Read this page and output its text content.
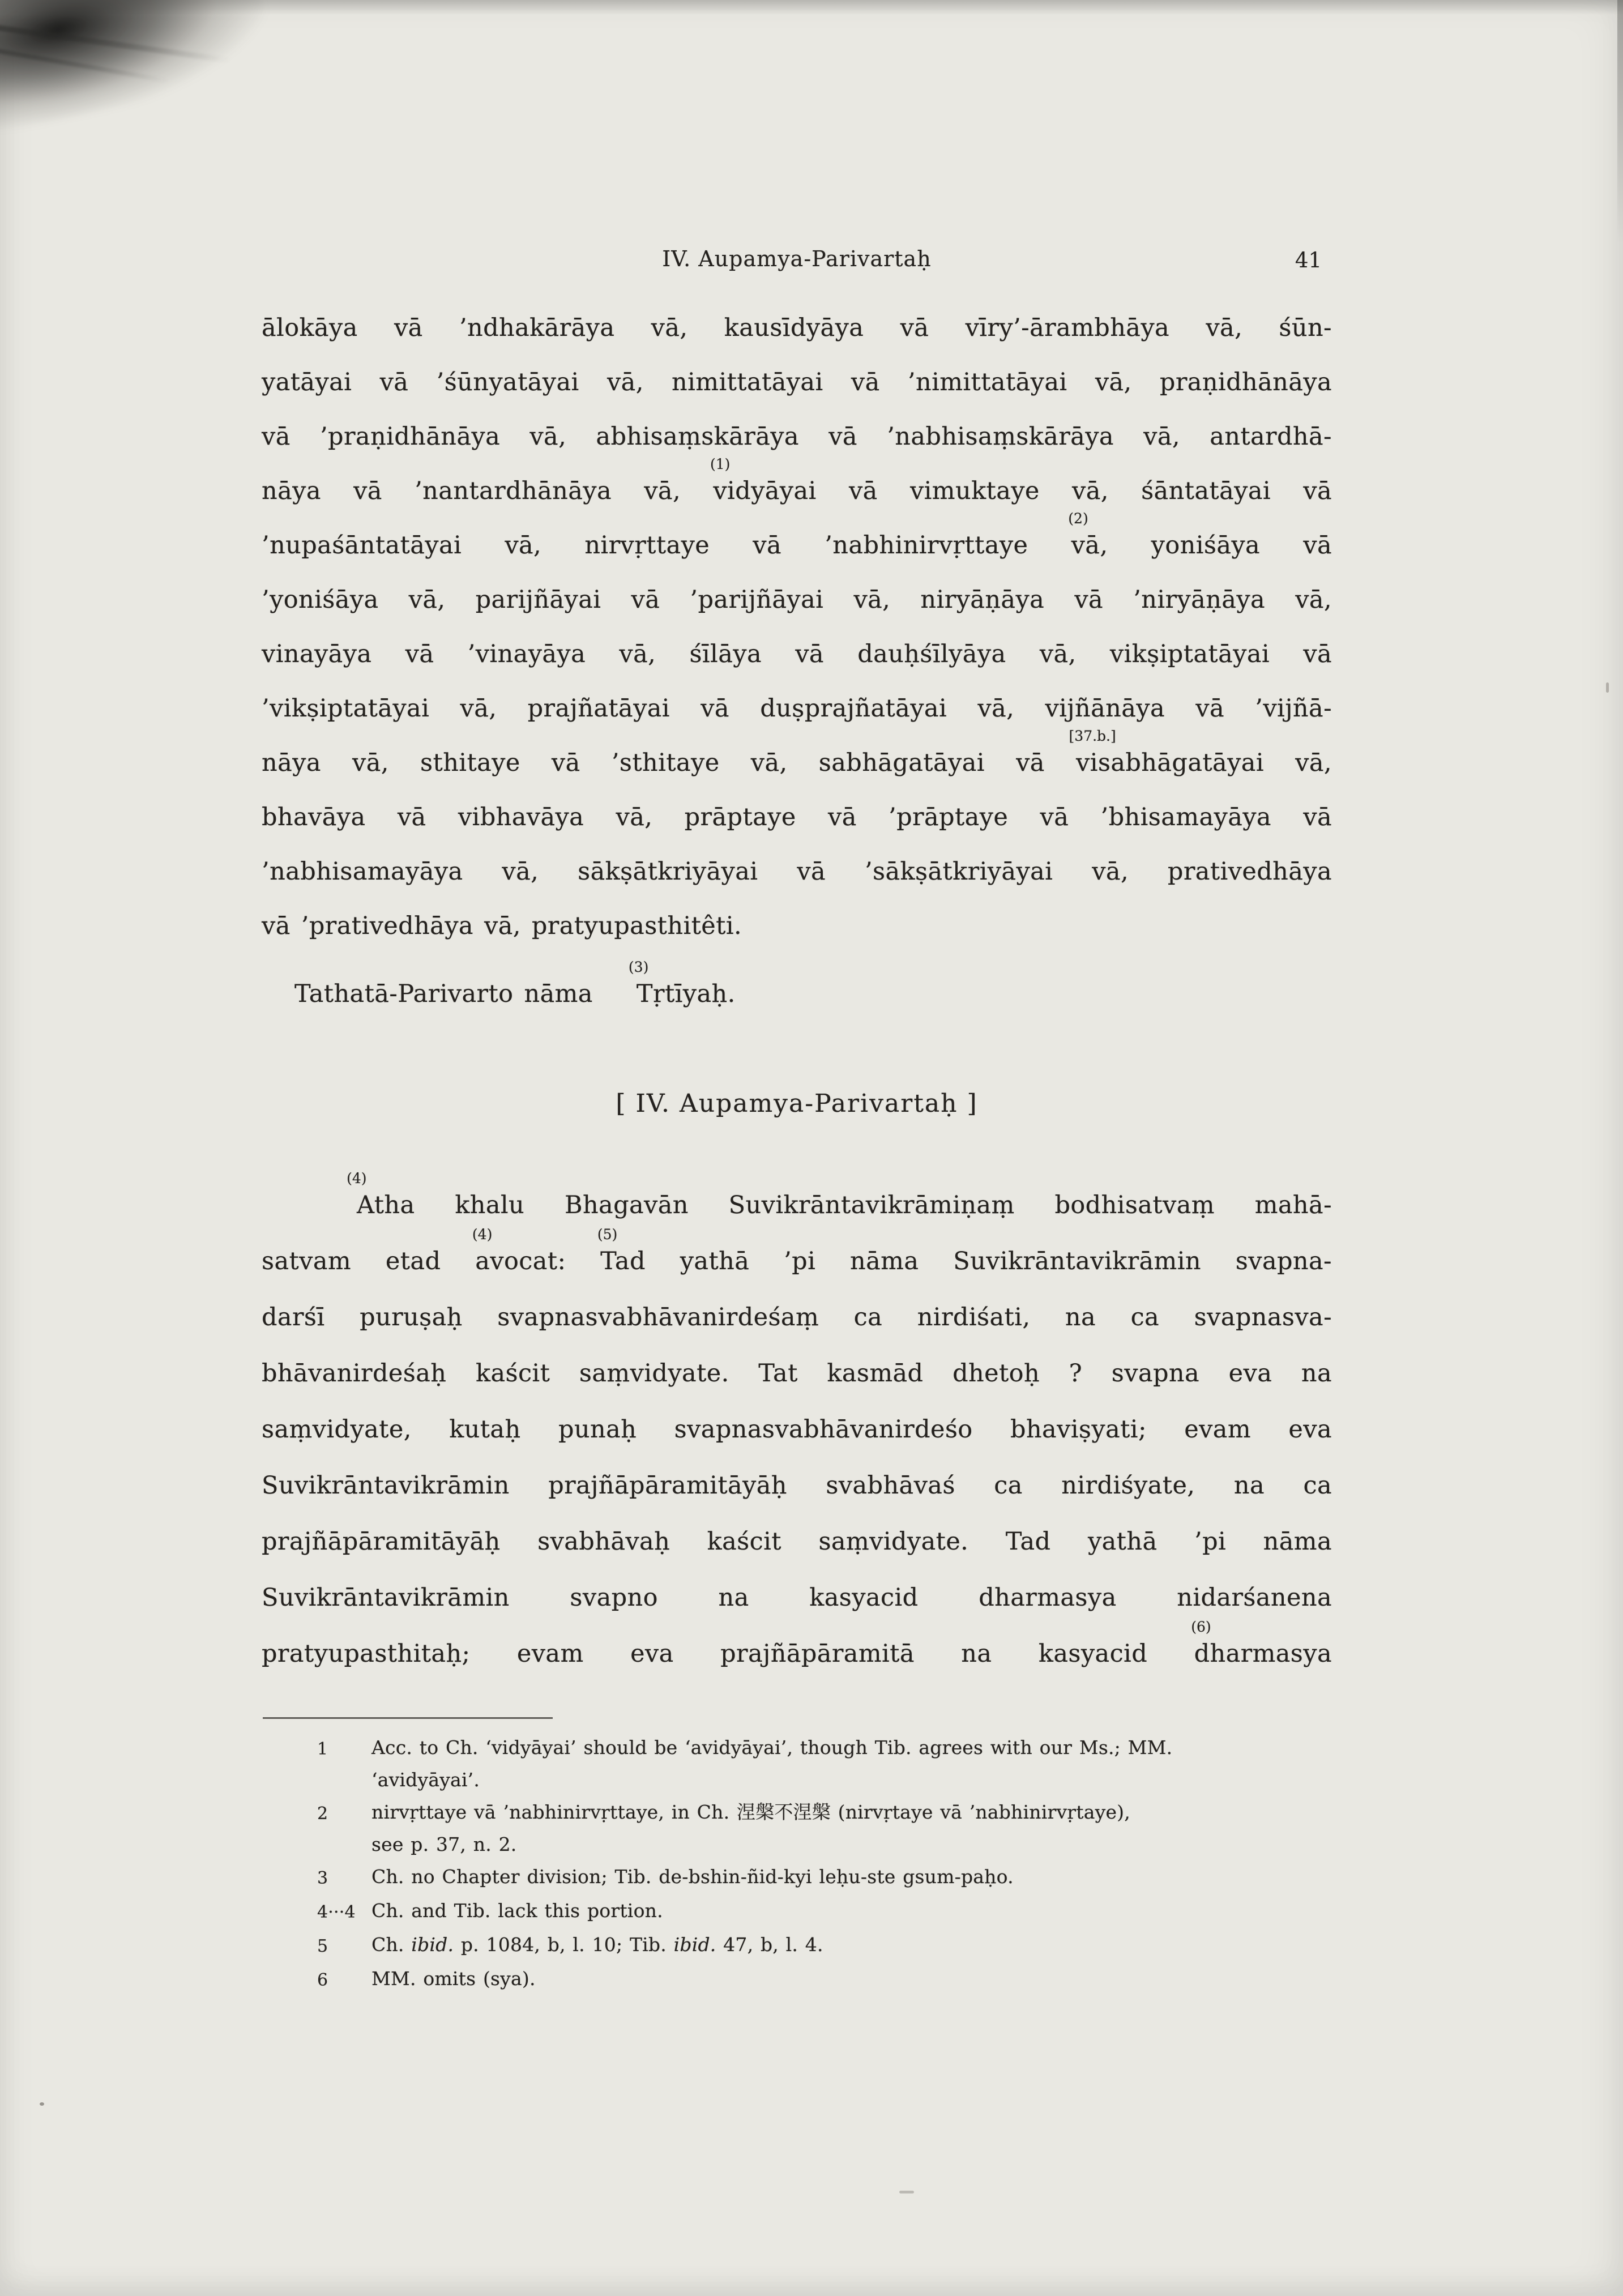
IV. Aupamya-Parivartaḥ	41
ālokāya vā ’ndhakārāya vā, kausīdyāya vā vīry’-ārambhāya vā, śūn-
yatāyai vā ’śūnyatāyai vā, nimittatāyai vā ’nimittatāyai vā, praṇidhānāya
vā ’praṇidhānāya vā, abhisaṃskārāya vā ’nabhisaṃskārāya vā, antardhā-
nāya vā ’nantardhānāya vā,
(1)
vidyāyai vā vimuktaye vā, śāntatāyai vā
’nupaśāntatāyai vā, nirvṛttaye vā ’nabhinirvṛttaye
(2)
vā, yoniśāya vā
’yoniśāya vā, parijñāyai vā ’parijñāyai vā, niryāṇāya vā ’niryāṇāya vā,
vinayāya vā ’vinayāya vā, śīlāya vā dauḥśīlyāya vā, vikṣiptatāyai vā
’vikṣiptatāyai vā, prajñatāyai vā duṣprajñatāyai vā, vijñānāya vā ’vijñā-
nāya vā, sthitaye vā ’sthitaye vā, sabhāgatāyai vā
[37.b.]
visabhāgatāyai vā,
bhavāya vā vibhavāya vā, prāptaye vā ’prāptaye vā ’bhisamayāya vā
’nabhisamayāya vā, sākṣātkriyāyai vā ’sākṣātkriyāyai vā, prativedhāya
vā ’prativedhāya vā, pratyupasthitêti.
Tathatā-Parivarto nāma
(3)
Tṛtīyaḥ.
[ IV. Aupamya-Parivartaḥ ]
(4)
Atha khalu Bhagavān Suvikrāntavikrāmiṇaṃ bodhisatvaṃ mahā-
satvam etad
(4)
avocat:
(5)
Tad yathā ’pi nāma Suvikrāntavikrāmin svapna-
darśī puruṣaḥ svapnasvabhāvanirdeśaṃ ca nirdiśati, na ca svapnasva-
bhāvanirdeśaḥ kaścit saṃvidyate. Tat kasmād dhetoḥ ? svapna eva na
saṃvidyate, kutaḥ punaḥ svapnasvabhāvanirdeśo bhaviṣyati; evam eva
Suvikrāntavikrāmin prajñāpāramitāyāḥ svabhāvaś ca nirdiśyate, na ca
prajñāpāramitāyāḥ svabhāvaḥ kaścit saṃvidyate. Tad yathā ’pi nāma
Suvikrāntavikrāmin svapno na kasyacid dharmasya nidarśanena
pratyupasthitaḥ; evam eva prajñāpāramitā na kasyacid
(6)
dharmasya
1	Acc. to Ch. ‘vidyāyai’ should be ‘avidyāyai’, though Tib. agrees with our Ms.; MM.
‘avidyāyai’.
2	nirvṛttaye vā ’nabhinirvṛttaye, in Ch. 涅槃不涅槃 (nirvṛtaye vā ’nabhinirvṛtaye),
see p. 37, n. 2.
3	Ch. no Chapter division; Tib. de-bshin-ñid-kyi leḥu-ste gsum-paḥo.
4···4 Ch. and Tib. lack this portion.
5	Ch. ibid. p. 1084, b, l. 10; Tib. ibid. 47, b, l. 4.
6	MM. omits (sya).
